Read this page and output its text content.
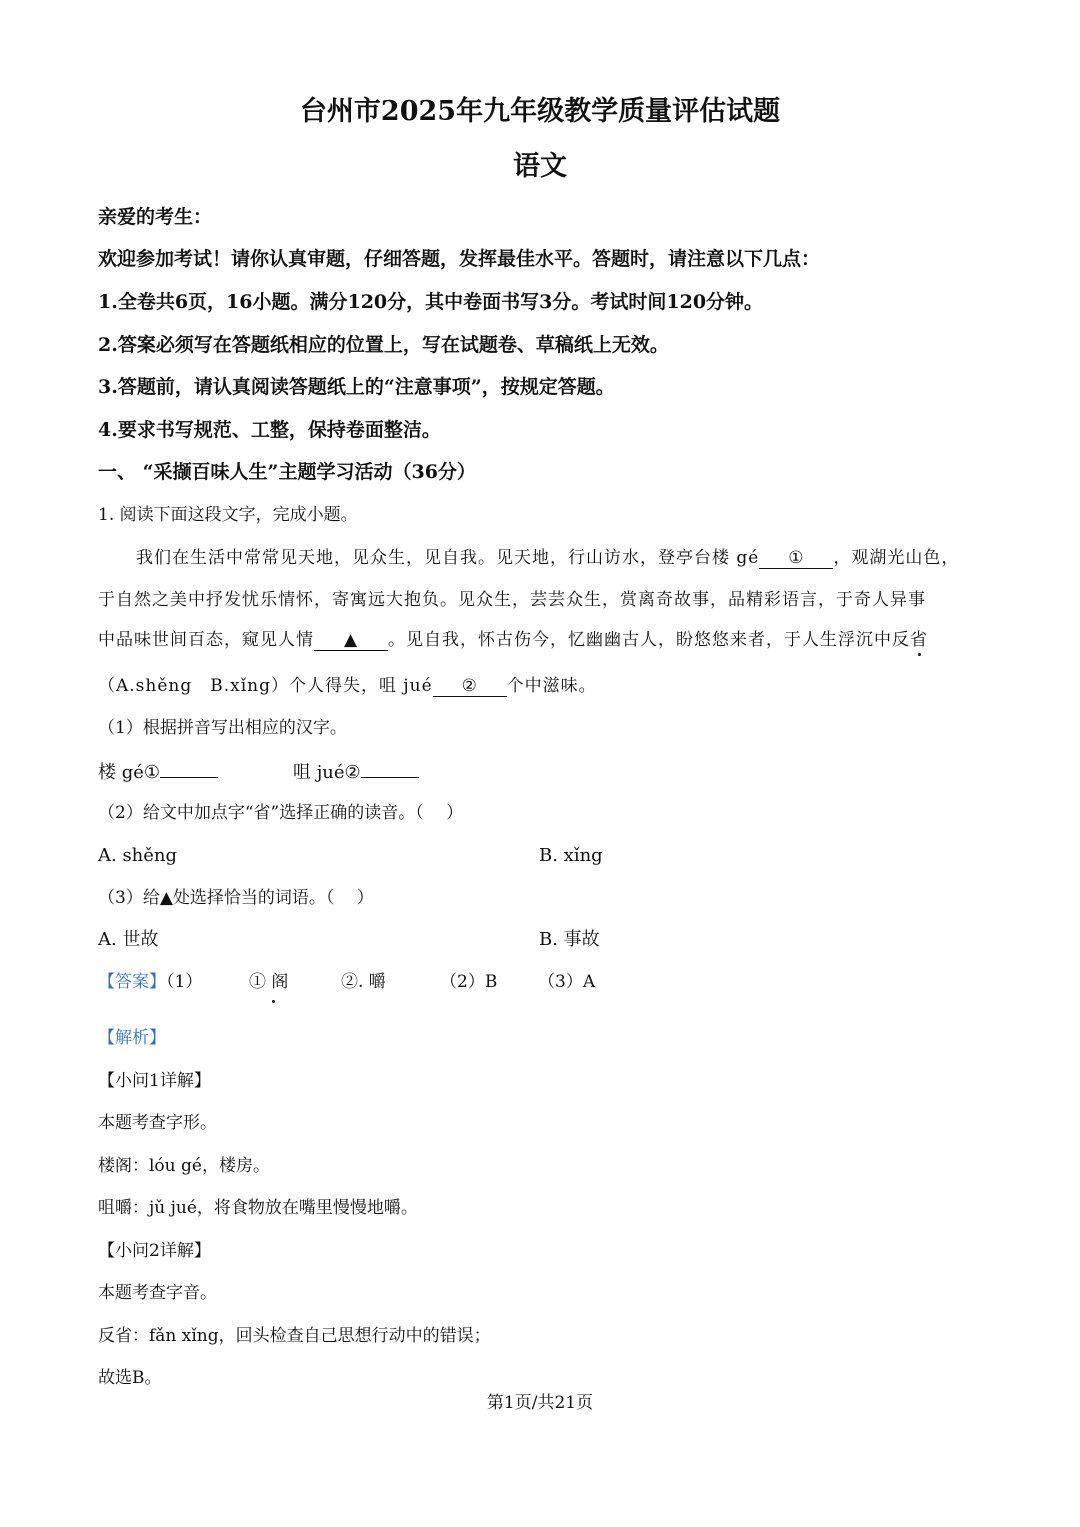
台州市2025年九年级教学质量评估试题
语文
亲爱的考生：
欢迎参加考试！请你认真审题，仔细答题，发挥最佳水平。答题时，请注意以下几点：
1.全卷共6页，16小题。满分120分，其中卷面书写3分。考试时间120分钟。
2.答案必须写在答题纸相应的位置上，写在试题卷、草稿纸上无效。
3.答题前，请认真阅读答题纸上的“注意事项”，按规定答题。
4.要求书写规范、工整，保持卷面整洁。
一、 “采撷百味人生”主题学习活动（36分）
1. 阅读下面这段文字，完成小题。
我们在生活中常常见天地，见众生，见自我。见天地，行山访水，登亭台楼 gé ① ，观湖光山色，
于自然之美中抒发忧乐情怀，寄寓远大抱负。见众生，芸芸众生，赏离奇故事，品精彩语言，于奇人异事
中品味世间百态，窥见人情 ▲ 。见自我，怀古伤今，忆幽幽古人，盼悠悠来者，于人生浮沉中反省
（A.shěng　B.xǐng）个人得失，咀 jué ② 个中滋味。
（1）根据拼音写出相应的汉字。
楼 gé①	咀 jué②
（2）给文中加点字“省”选择正确的读音。（　 ）
A. shěng	B. xǐng
（3）给▲处选择恰当的词语。（　 ）
A. 世故	B. 事故
【答案】（1）	① 阁	②. 嚼	（2）B （3）A
【解析】
【小问1详解】
本题考查字形。
楼阁：lóu gé，楼房。
咀嚼：jǔ jué，将食物放在嘴里慢慢地嚼。
【小问2详解】
本题考查字音。
反省：fǎn xǐng，回头检查自己思想行动中的错误；
故选B。
第1页/共21页
